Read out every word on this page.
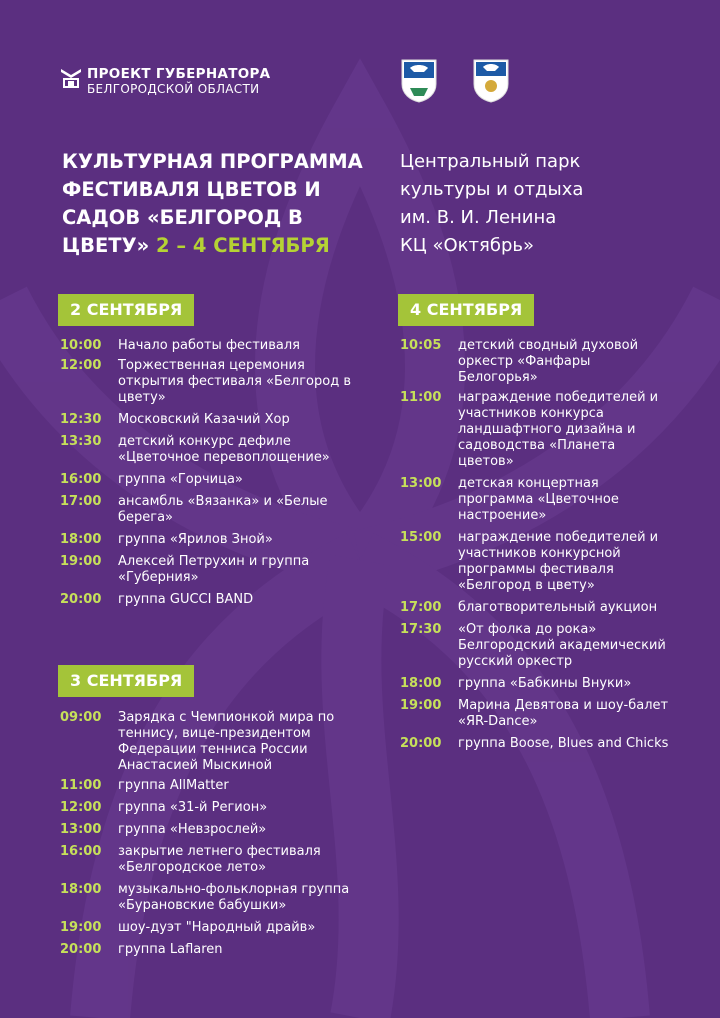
ПРОЕКТ ГУБЕРНАТОРА
БЕЛГОРОДСКОЙ ОБЛАСТИ
КУЛЬТУРНАЯ ПРОГРАММА ФЕСТИВАЛЯ ЦВЕТОВ И САДОВ «БЕЛГОРОД В ЦВЕТУ» 2 – 4 СЕНТЯБРЯ
Центральный парк
культуры и отдыха
им. В. И. Ленина
КЦ «Октябрь»
2 СЕНТЯБРЯ
10:00 Начало работы фестиваля
12:00 Торжественная церемония открытия фестиваля «Белгород в цвету»
12:30 Московский Казачий Хор
13:30 детский конкурс дефиле «Цветочное перевоплощение»
16:00 группа «Горчица»
17:00 ансамбль «Вязанка» и «Белые берега»
18:00 группа «Ярилов Зной»
19:00 Алексей Петрухин и группа «Губерния»
20:00 группа GUCCI BAND
3 СЕНТЯБРЯ
09:00 Зарядка с Чемпионкой мира по теннису, вице-президентом Федерации тенниса России Анастасией Мыскиной
11:00 группа AllMatter
12:00 группа «31-й Регион»
13:00 группа «Невзрослей»
16:00 закрытие летнего фестиваля «Белгородское лето»
18:00 музыкально-фольклорная группа «Бурановские бабушки»
19:00 шоу-дуэт "Народный драйв»
20:00 группа Laflaren
4 СЕНТЯБРЯ
10:05 детский сводный духовой оркестр «Фанфары Белогорья»
11:00 награждение победителей и участников конкурса ландшафтного дизайна и садоводства «Планета цветов»
13:00 детская концертная программа «Цветочное настроение»
15:00 награждение победителей и участников конкурсной программы фестиваля «Белгород в цвету»
17:00 благотворительный аукцион
17:30 «От фолка до рока» Белгородский академический русский оркестр
18:00 группа «Бабкины Внуки»
19:00 Марина Девятова и шоу-балет «ЯR-Dance»
20:00 группа Boose, Blues and Chicks
